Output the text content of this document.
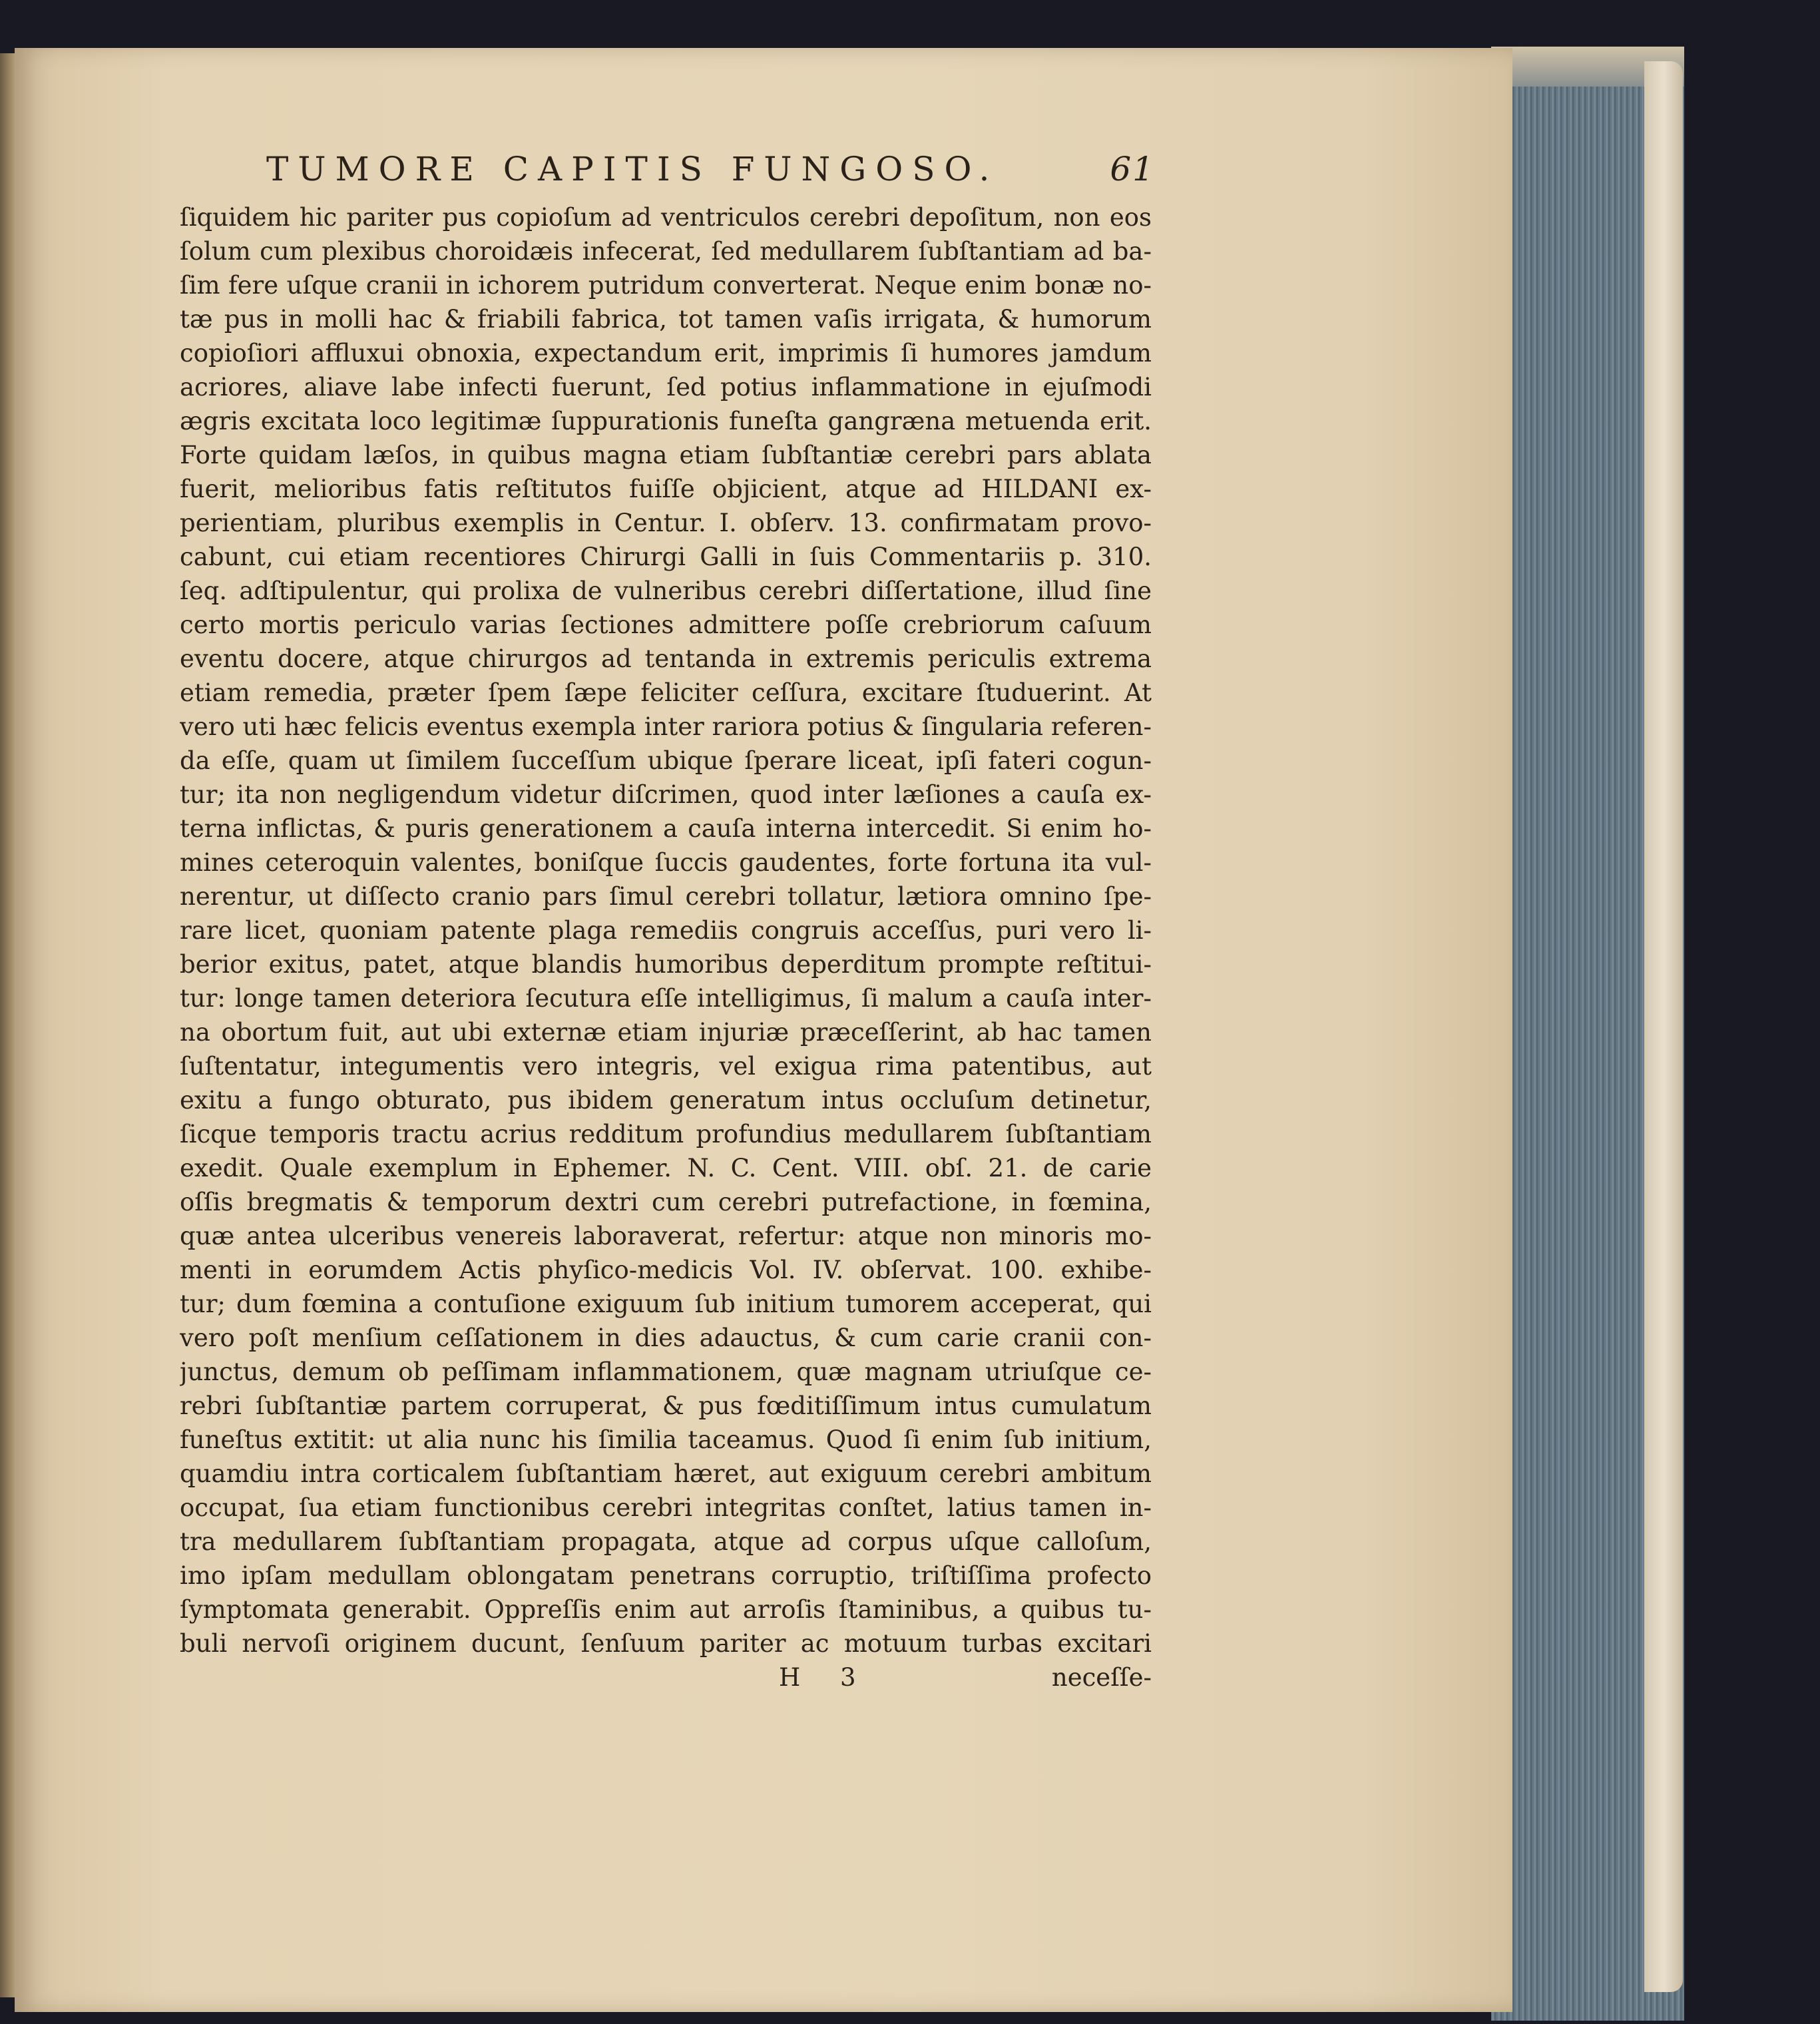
TUMORE CAPITIS FUNGOSO.	61
ſiquidem hic pariter pus copioſum ad ventriculos cerebri depoſitum, non eos
ſolum cum plexibus choroidæis infecerat, ſed medullarem ſubſtantiam ad ba-
ſim fere uſque cranii in ichorem putridum converterat. Neque enim bonæ no-
tæ pus in molli hac & friabili fabrica, tot tamen vaſis irrigata, & humorum
copioſiori affluxui obnoxia, expectandum erit, imprimis ſi humores jamdum
acriores, aliave labe infecti fuerunt, ſed potius inflammatione in ejuſmodi
ægris excitata loco legitimæ ſuppurationis funeſta gangræna metuenda erit.
Forte quidam læſos, in quibus magna etiam ſubſtantiæ cerebri pars ablata
fuerit, melioribus fatis reſtitutos fuiſſe objicient, atque ad HILDANI ex-
perientiam, pluribus exemplis in Centur. I. obſerv. 13. confirmatam provo-
cabunt, cui etiam recentiores Chirurgi Galli in ſuis Commentariis p. 310.
ſeq. adſtipulentur, qui prolixa de vulneribus cerebri diſſertatione, illud ſine
certo mortis periculo varias ſectiones admittere poſſe crebriorum caſuum
eventu docere, atque chirurgos ad tentanda in extremis periculis extrema
etiam remedia, præter ſpem ſæpe feliciter ceſſura, excitare ſtuduerint. At
vero uti hæc felicis eventus exempla inter rariora potius & ſingularia referen-
da eſſe, quam ut ſimilem ſucceſſum ubique ſperare liceat, ipſi fateri cogun-
tur; ita non negligendum videtur diſcrimen, quod inter læſiones a cauſa ex-
terna inflictas, & puris generationem a cauſa interna intercedit. Si enim ho-
mines ceteroquin valentes, boniſque ſuccis gaudentes, forte fortuna ita vul-
nerentur, ut diſſecto cranio pars ſimul cerebri tollatur, lætiora omnino ſpe-
rare licet, quoniam patente plaga remediis congruis acceſſus, puri vero li-
berior exitus, patet, atque blandis humoribus deperditum prompte reſtitui-
tur: longe tamen deteriora ſecutura eſſe intelligimus, ſi malum a cauſa inter-
na obortum fuit, aut ubi externæ etiam injuriæ præceſſerint, ab hac tamen
ſuſtentatur, integumentis vero integris, vel exigua rima patentibus, aut
exitu a fungo obturato, pus ibidem generatum intus occluſum detinetur,
ſicque temporis tractu acrius redditum profundius medullarem ſubſtantiam
exedit. Quale exemplum in Ephemer. N. C. Cent. VIII. obſ. 21. de carie
oſſis bregmatis & temporum dextri cum cerebri putrefactione, in fœmina,
quæ antea ulceribus venereis laboraverat, refertur: atque non minoris mo-
menti in eorumdem Actis phyſico-medicis Vol. IV. obſervat. 100. exhibe-
tur; dum fœmina a contuſione exiguum ſub initium tumorem acceperat, qui
vero poſt menſium ceſſationem in dies adauctus, & cum carie cranii con-
junctus, demum ob peſſimam inflammationem, quæ magnam utriuſque ce-
rebri ſubſtantiæ partem corruperat, & pus fœditiſſimum intus cumulatum
funeſtus extitit: ut alia nunc his ſimilia taceamus. Quod ſi enim ſub initium,
quamdiu intra corticalem ſubſtantiam hæret, aut exiguum cerebri ambitum
occupat, ſua etiam functionibus cerebri integritas conſtet, latius tamen in-
tra medullarem ſubſtantiam propagata, atque ad corpus uſque calloſum,
imo ipſam medullam oblongatam penetrans corruptio, triſtiſſima profecto
ſymptomata generabit. Oppreſſis enim aut arroſis ſtaminibus, a quibus tu-
buli nervoſi originem ducunt, ſenſuum pariter ac motuum turbas excitari
H 3	neceſſe-
